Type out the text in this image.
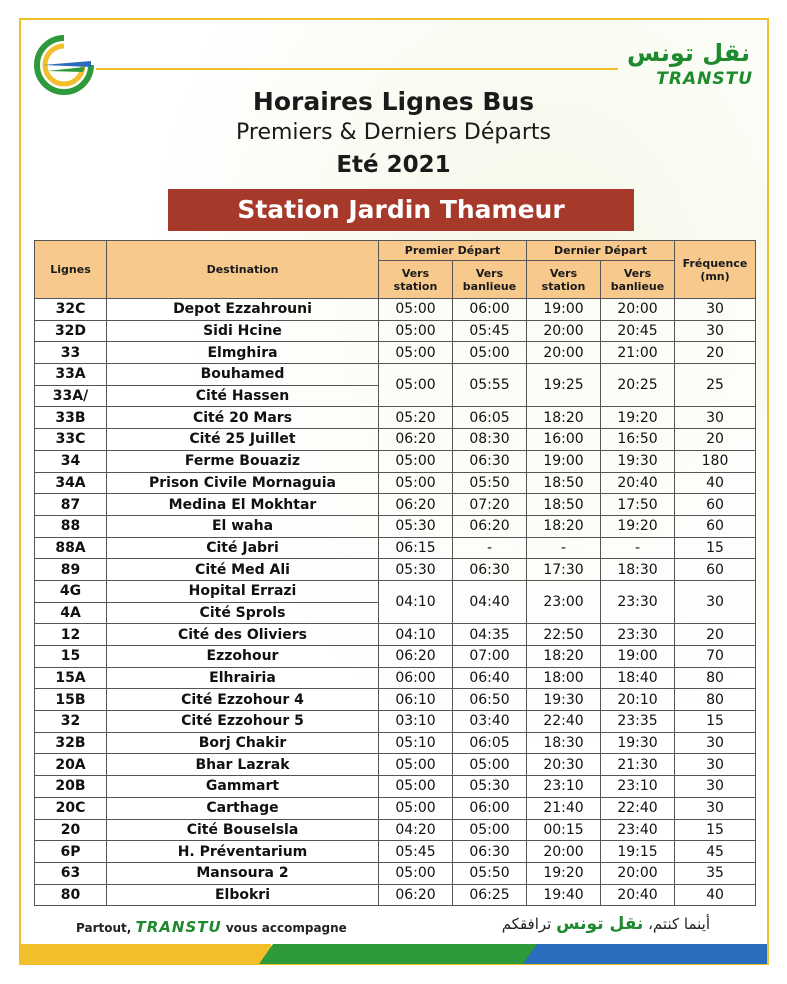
نقل تونس
TRANSTU
Horaires Lignes Bus
Premiers & Derniers Départs
Eté 2021
Station Jardin Thameur
Lignes	Destination	Premier Départ		Dernier Départ		Fréquence (mn)
		Vers station	Vers banlieue	Vers station	Vers banlieue	
32C	Depot Ezzahrouni	05:00	06:00	19:00	20:00	30
32D	Sidi Hcine	05:00	05:45	20:00	20:45	30
33	Elmghira	05:00	05:00	20:00	21:00	20
33A	Bouhamed	05:00	05:55	19:25	20:25	25
33A/	Cité Hassen					
33B	Cité 20 Mars	05:20	06:05	18:20	19:20	30
33C	Cité 25 Juillet	06:20	08:30	16:00	16:50	20
34	Ferme Bouaziz	05:00	06:30	19:00	19:30	180
34A	Prison Civile Mornaguia	05:00	05:50	18:50	20:40	40
87	Medina El Mokhtar	06:20	07:20	18:50	17:50	60
88	El waha	05:30	06:20	18:20	19:20	60
88A	Cité Jabri	06:15	-	-	-	15
89	Cité Med Ali	05:30	06:30	17:30	18:30	60
4G	Hopital Errazi	04:10	04:40	23:00	23:30	30
4A	Cité Sprols					
12	Cité des Oliviers	04:10	04:35	22:50	23:30	20
15	Ezzohour	06:20	07:00	18:20	19:00	70
15A	Elhrairia	06:00	06:40	18:00	18:40	80
15B	Cité Ezzohour 4	06:10	06:50	19:30	20:10	80
32	Cité Ezzohour 5	03:10	03:40	22:40	23:35	15
32B	Borj Chakir	05:10	06:05	18:30	19:30	30
20A	Bhar Lazrak	05:00	05:00	20:30	21:30	30
20B	Gammart	05:00	05:30	23:10	23:10	30
20C	Carthage	05:00	06:00	21:40	22:40	30
20	Cité Bouselsla	04:20	05:00	00:15	23:40	15
6P	H. Préventarium	05:45	06:30	20:00	19:15	45
63	Mansoura 2	05:00	05:50	19:20	20:00	35
80	Elbokri	06:20	06:25	19:40	20:40	40
Partout, TRANSTU vous accompagne	أينما كنتم، نقل تونس ترافقكم
